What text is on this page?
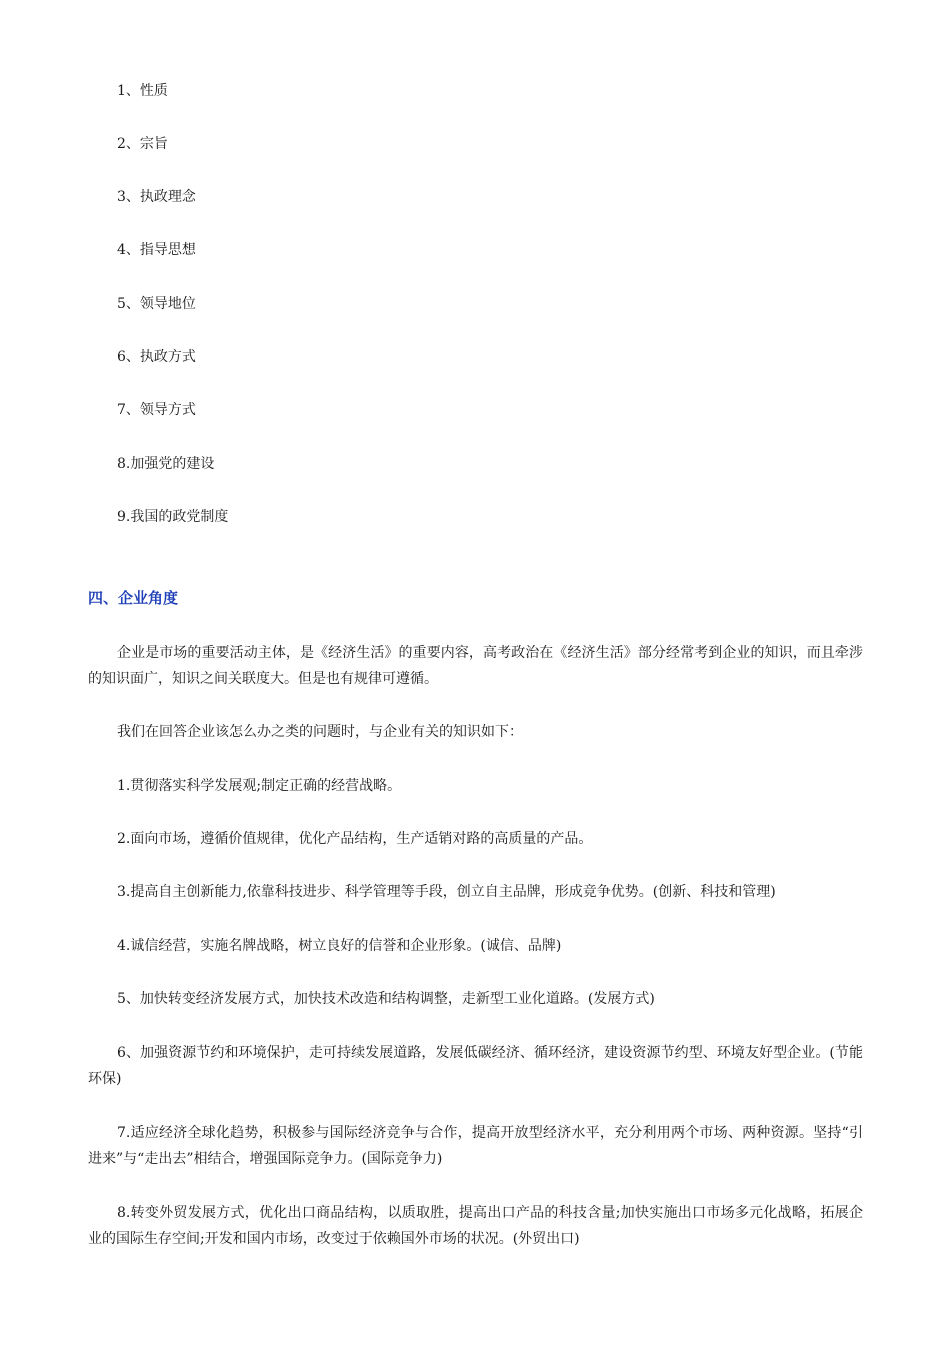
1、性质
2、宗旨
3、执政理念
4、指导思想
5、领导地位
6、执政方式
7、领导方式
8.加强党的建设
9.我国的政党制度
四、企业角度
企业是市场的重要活动主体，是《经济生活》的重要内容，高考政治在《经济生活》部分经常考到企业的知识，而且牵涉的知识面广，知识之间关联度大。但是也有规律可遵循。
我们在回答企业该怎么办之类的问题时，与企业有关的知识如下：
1.贯彻落实科学发展观;制定正确的经营战略。
2.面向市场，遵循价值规律，优化产品结构，生产适销对路的高质量的产品。
3.提高自主创新能力,依靠科技进步、科学管理等手段，创立自主品牌，形成竞争优势。(创新、科技和管理)
4.诚信经营，实施名牌战略，树立良好的信誉和企业形象。(诚信、品牌)
5、加快转变经济发展方式，加快技术改造和结构调整，走新型工业化道路。(发展方式)
6、加强资源节约和环境保护，走可持续发展道路，发展低碳经济、循环经济，建设资源节约型、环境友好型企业。(节能环保)
7.适应经济全球化趋势，积极参与国际经济竞争与合作，提高开放型经济水平，充分利用两个市场、两种资源。坚持“引进来”与“走出去”相结合，增强国际竞争力。(国际竞争力)
8.转变外贸发展方式，优化出口商品结构，以质取胜，提高出口产品的科技含量;加快实施出口市场多元化战略，拓展企业的国际生存空间;开发和国内市场，改变过于依赖国外市场的状况。(外贸出口)
